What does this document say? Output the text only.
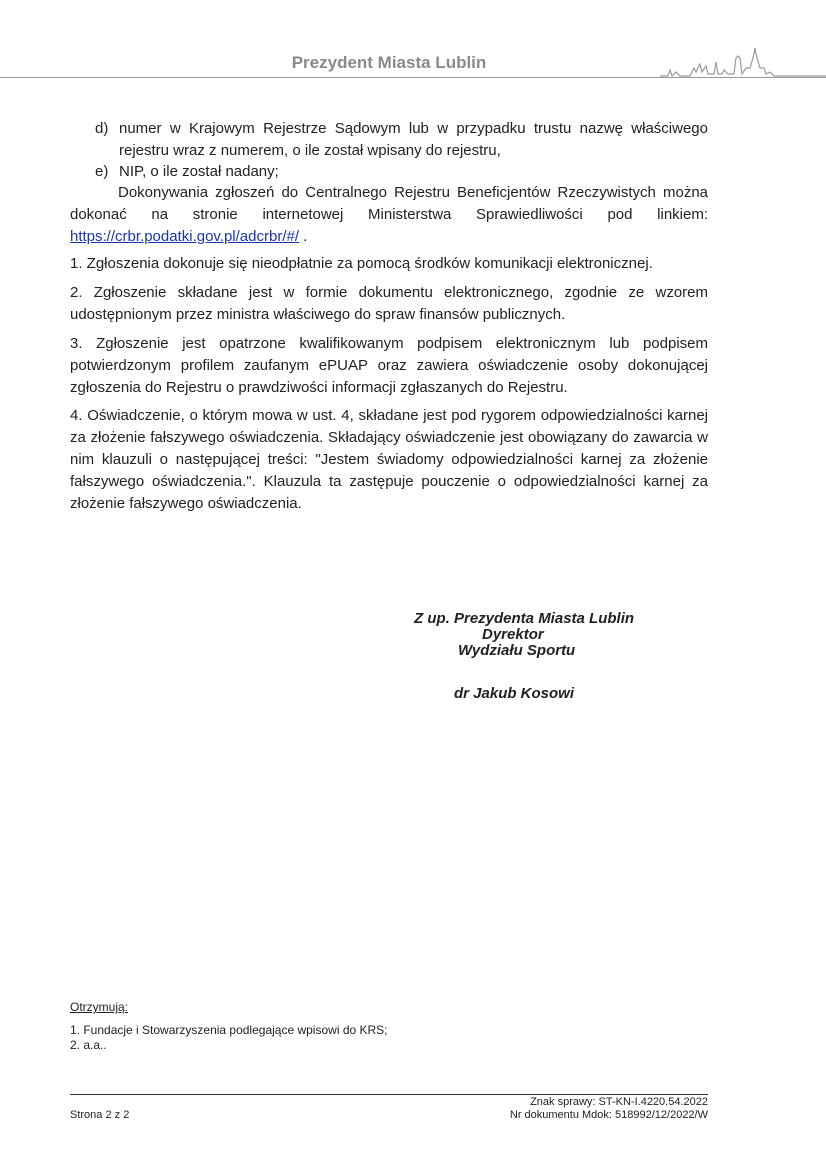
Prezydent Miasta Lublin
d) numer w Krajowym Rejestrze Sądowym lub w przypadku trustu nazwę właściwego rejestru wraz z numerem, o ile został wpisany do rejestru,
e) NIP, o ile został nadany;

Dokonywania zgłoszeń do Centralnego Rejestru Beneficjentów Rzeczywistych można dokonać na stronie internetowej Ministerstwa Sprawiedliwości pod linkiem: https://crbr.podatki.gov.pl/adcrbr/#/ .

1. Zgłoszenia dokonuje się nieodpłatnie za pomocą środków komunikacji elektronicznej.

2. Zgłoszenie składane jest w formie dokumentu elektronicznego, zgodnie ze wzorem udostępnionym przez ministra właściwego do spraw finansów publicznych.

3. Zgłoszenie jest opatrzone kwalifikowanym podpisem elektronicznym lub podpisem potwierdzonym profilem zaufanym ePUAP oraz zawiera oświadczenie osoby dokonującej zgłoszenia do Rejestru o prawdziwości informacji zgłaszanych do Rejestru.

4. Oświadczenie, o którym mowa w ust. 4, składane jest pod rygorem odpowiedzialności karnej za złożenie fałszywego oświadczenia. Składający oświadczenie jest obowiązany do zawarcia w nim klauzuli o następującej treści: "Jestem świadomy odpowiedzialności karnej za złożenie fałszywego oświadczenia.". Klauzula ta zastępuje pouczenie o odpowiedzialności karnej za złożenie fałszywego oświadczenia.

Z up. Prezydenta Miasta Lublin
Dyrektor
Wydziału Sportu
dr Jakub Kosowi
Otrzymują:
1. Fundacje i Stowarzyszenia podlegające wpisowi do KRS;
2. a.a..
Znak sprawy: ST-KN-I.4220.54.2022
Strona 2 z 2	Nr dokumentu Mdok: 518992/12/2022/W
